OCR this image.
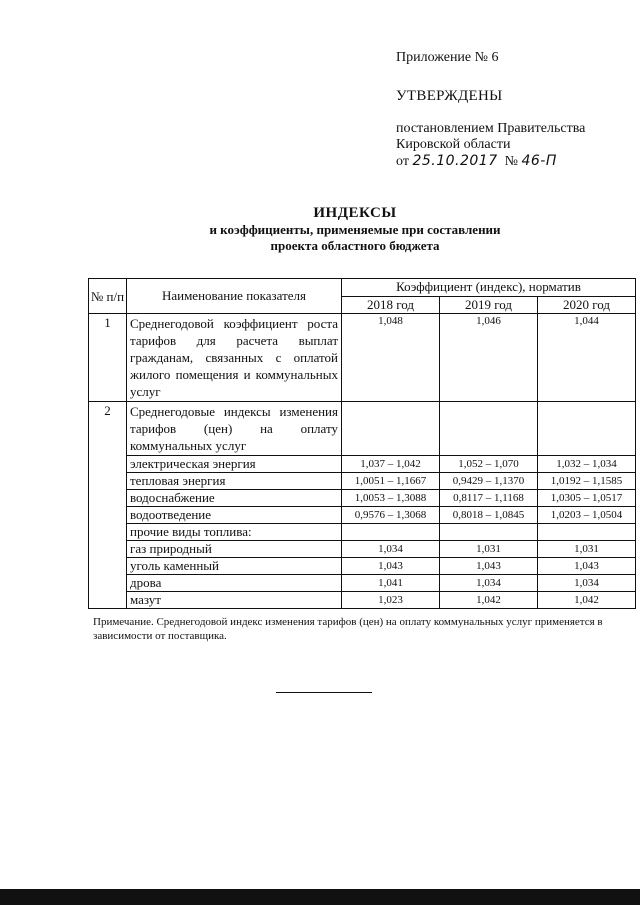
Приложение № 6
УТВЕРЖДЕНЫ
постановлением Правительства
Кировской области
от 25.10.2017 № 46-П
ИНДЕКСЫ
и коэффициенты, применяемые при составлении
проекта областного бюджета
№ п/п	Наименование показателя	Коэффициент (индекс), норматив		
		2018 год	2019 год	2020 год
1	Среднегодовой коэффициент роста тарифов для расчета выплат гражданам, связанных с оплатой жилого помещения и коммунальных услуг	1,048	1,046	1,044
2	Среднегодовые индексы изменения тарифов (цен) на оплату коммунальных услуг			
	электрическая энергия	1,037 – 1,042	1,052 – 1,070	1,032 – 1,034
	тепловая энергия	1,0051 – 1,1667	0,9429 – 1,1370	1,0192 – 1,1585
	водоснабжение	1,0053 – 1,3088	0,8117 – 1,1168	1,0305 – 1,0517
	водоотведение	0,9576 – 1,3068	0,8018 – 1,0845	1,0203 – 1,0504
	прочие виды топлива:			
	газ природный	1,034	1,031	1,031
	уголь каменный	1,043	1,043	1,043
	дрова	1,041	1,034	1,034
	мазут	1,023	1,042	1,042
Примечание. Среднегодовой индекс изменения тарифов (цен) на оплату коммунальных услуг применяется в зависимости от поставщика.
